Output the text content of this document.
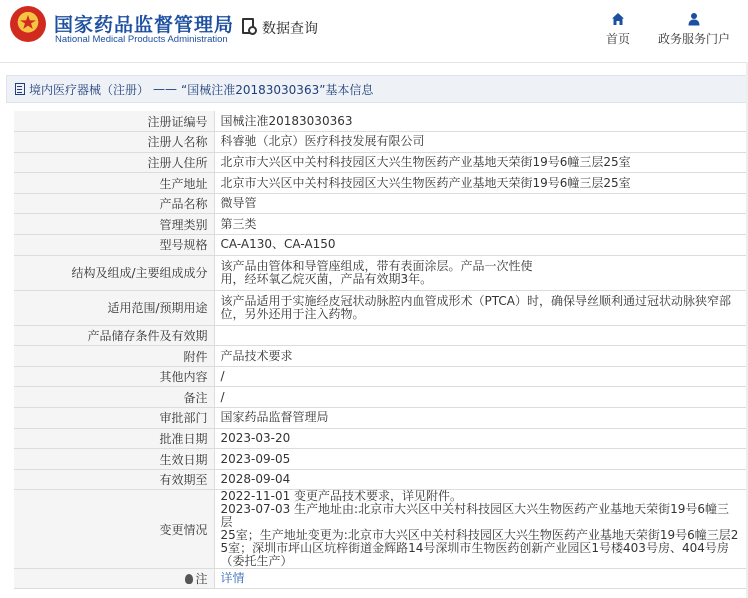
国家药品监督管理局
National Medical Products Administration
数据查询
首页 政务服务门户
境内医疗器械（注册） —— “国械注准20183030363”基本信息
注册证编号	国械注准20183030363
注册人名称	科睿驰（北京）医疗科技发展有限公司
注册人住所	北京市大兴区中关村科技园区大兴生物医药产业基地天荣街19号6幢三层25室
生产地址	北京市大兴区中关村科技园区大兴生物医药产业基地天荣街19号6幢三层25室
产品名称	微导管
管理类别	第三类
型号规格	CA-A130、CA-A150
结构及组成/主要组成成分	该产品由管体和导管座组成，带有表面涂层。产品一次性使
用，经环氧乙烷灭菌，产品有效期3年。

适用范围/预期用途	该产品适用于实施经皮冠状动脉腔内血管成形术（PTCA）时，确保导丝顺利通过冠状动脉狭窄部
位，另外还用于注入药物。

产品储存条件及有效期	
附件	产品技术要求
其他内容	/
备注	/
审批部门	国家药品监督管理局
批准日期	2023-03-20
生效日期	2023-09-05
有效期至	2028-09-04
变更情况	2022-11-01 变更产品技术要求，详见附件。
2023-07-03 生产地址由:北京市大兴区中关村科技园区大兴生物医药产业基地天荣街19号6幢三层
25室；生产地址变更为:北京市大兴区中关村科技园区大兴生物医药产业基地天荣街19号6幢三层2
5室；深圳市坪山区坑梓街道金辉路14号深圳市生物医药创新产业园区1号楼403号房、404号房
（委托生产）

注	详情
